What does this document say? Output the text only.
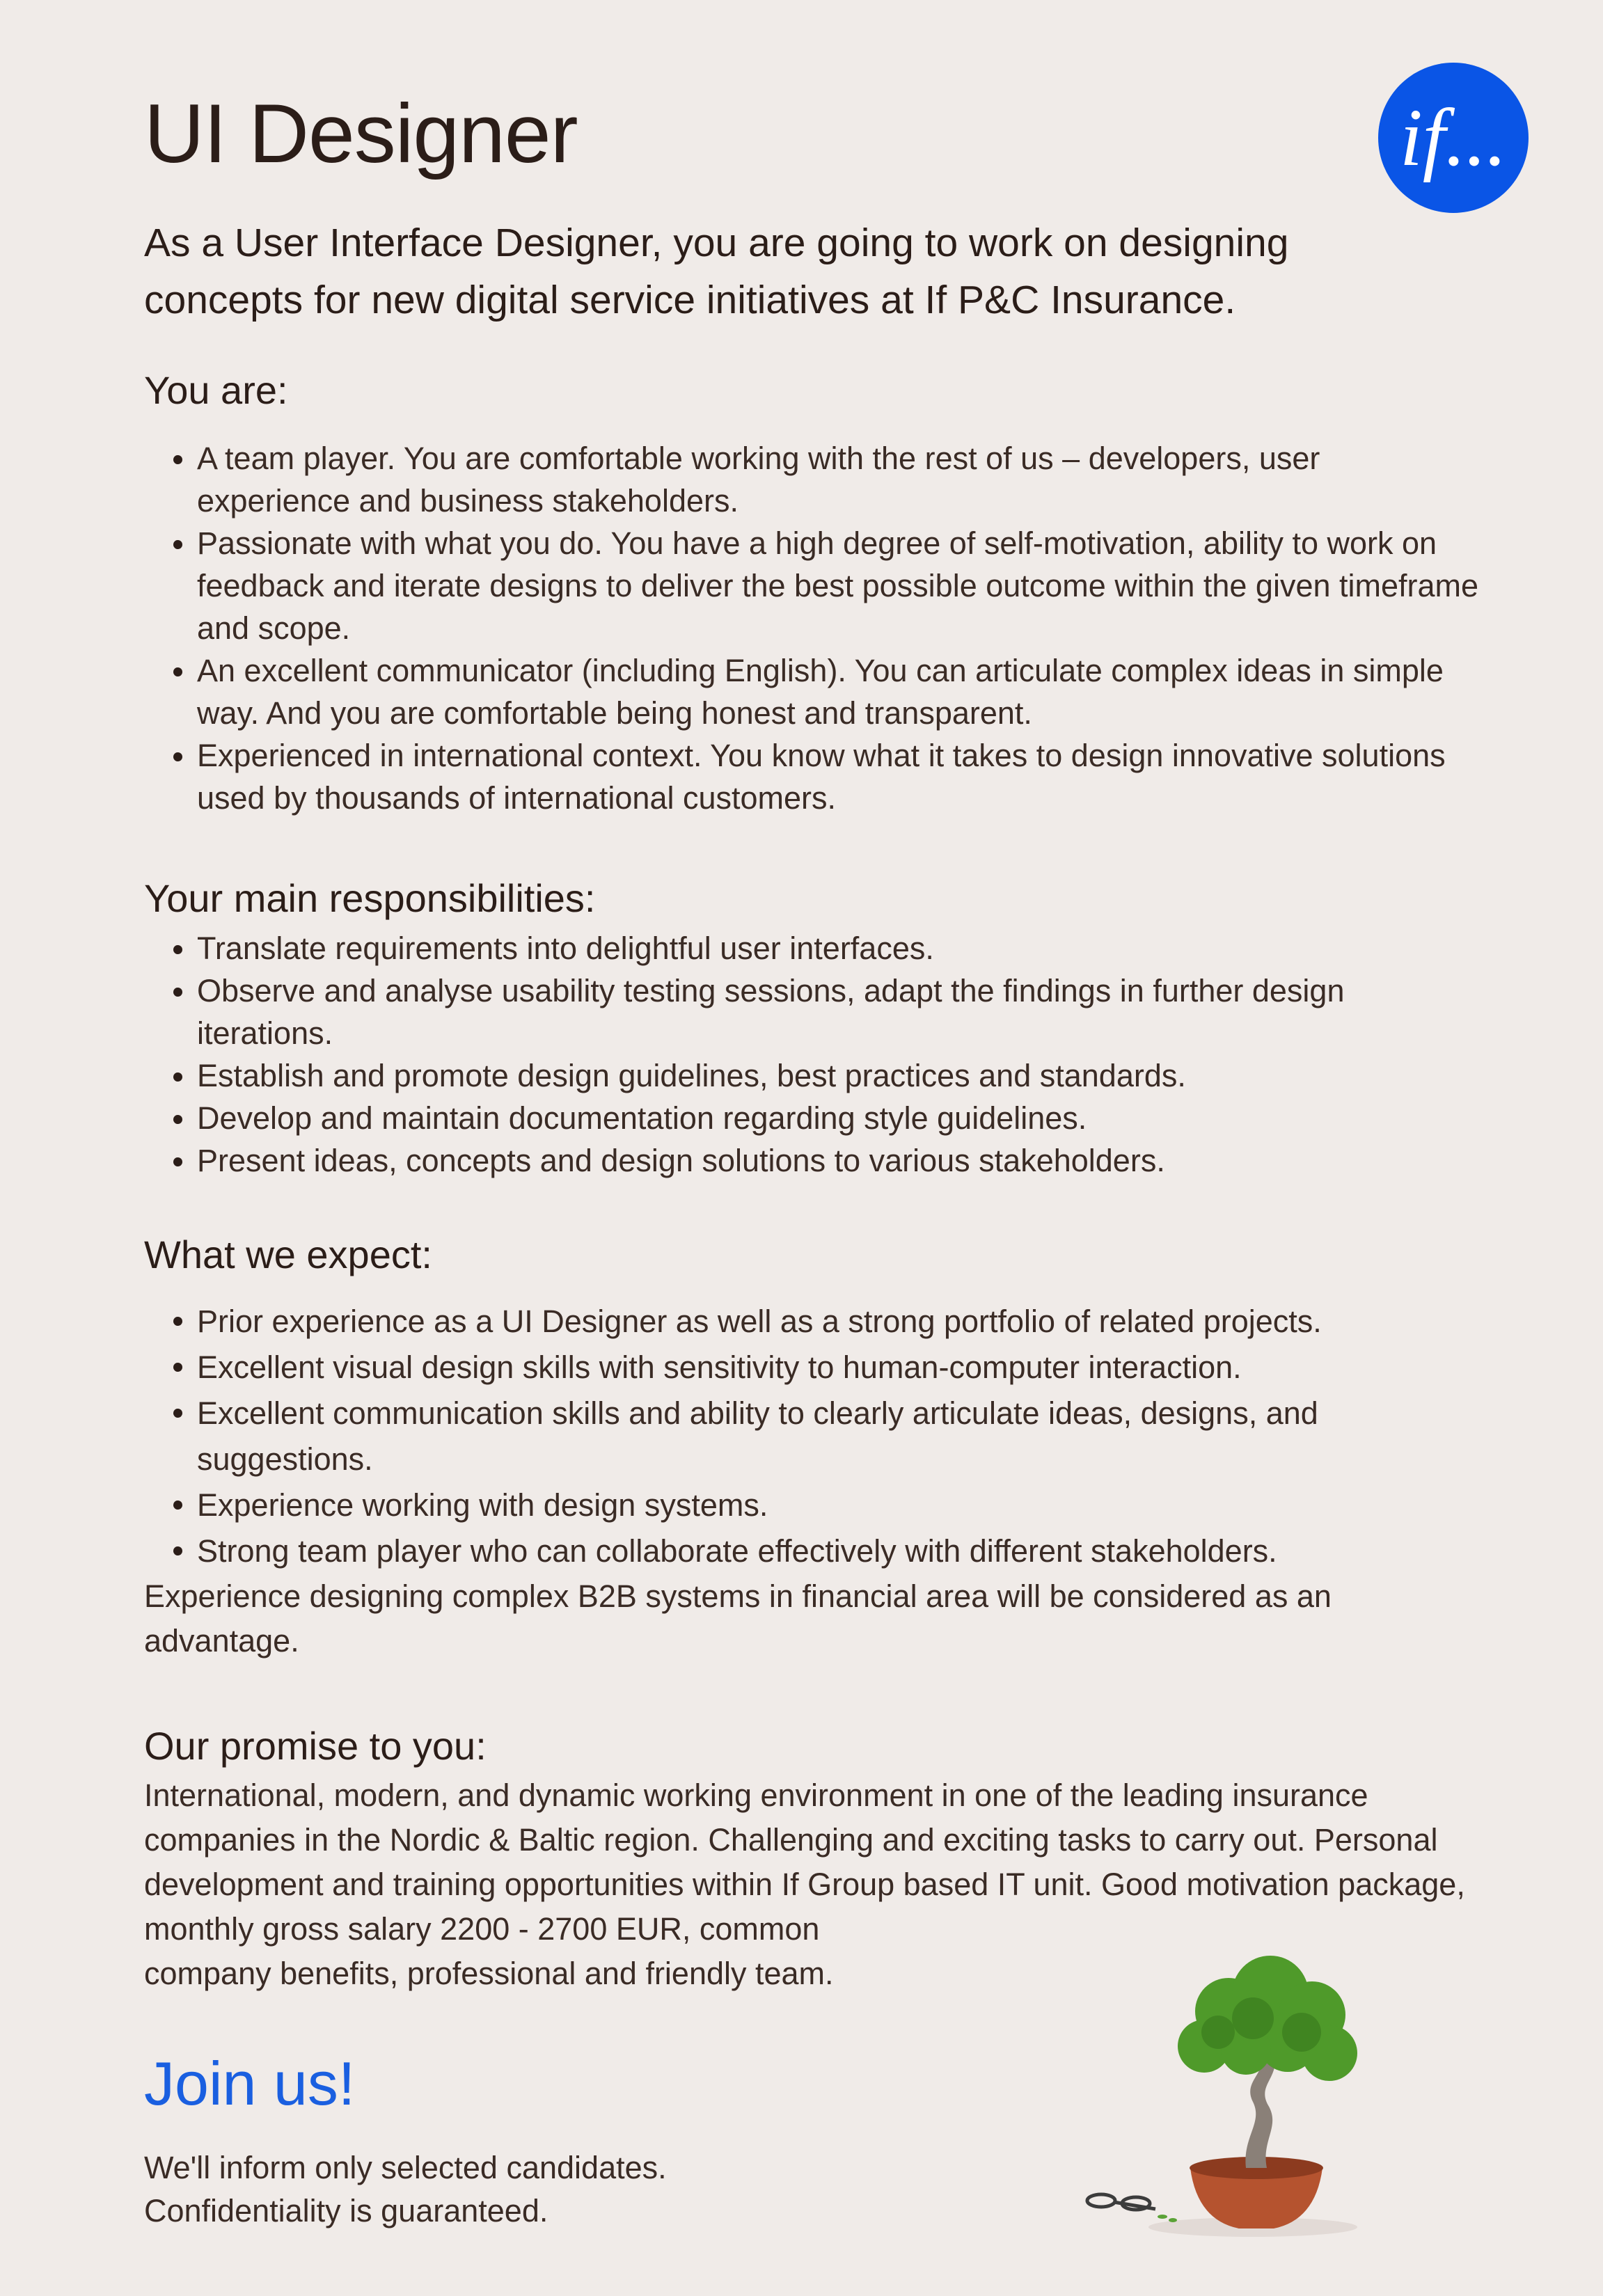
UI Designer	if...

As a User Interface Designer, you are going to work on designing concepts for new digital service initiatives at If P&C Insurance.

You are:
A team player. You are comfortable working with the rest of us – developers, user experience and business stakeholders.
Passionate with what you do. You have a high degree of self-motivation, ability to work on feedback and iterate designs to deliver the best possible outcome within the given timeframe and scope.
An excellent communicator (including English). You can articulate complex ideas in simple way. And you are comfortable being honest and transparent.
Experienced in international context. You know what it takes to design innovative solutions used by thousands of international customers.
Your main responsibilities:
Translate requirements into delightful user interfaces.
Observe and analyse usability testing sessions, adapt the findings in further design iterations.
Establish and promote design guidelines, best practices and standards.
Develop and maintain documentation regarding style guidelines.
Present ideas, concepts and design solutions to various stakeholders.
What we expect:
Prior experience as a UI Designer as well as a strong portfolio of related projects.
Excellent visual design skills with sensitivity to human-computer interaction.
Excellent communication skills and ability to clearly articulate ideas, designs, and suggestions.
Experience working with design systems.
Strong team player who can collaborate effectively with different stakeholders.

Experience designing complex B2B systems in financial area will be considered as an advantage.

Our promise to you:

International, modern, and dynamic working environment in one of the leading insurance companies in the Nordic & Baltic region. Challenging and exciting tasks to carry out. Personal development and training opportunities within If Group based IT unit. Good motivation package, monthly gross salary 2200 - 2700 EUR, common

company benefits, professional and friendly team.

Join us!

We'll inform only selected candidates.

Confidentiality is guaranteed.
